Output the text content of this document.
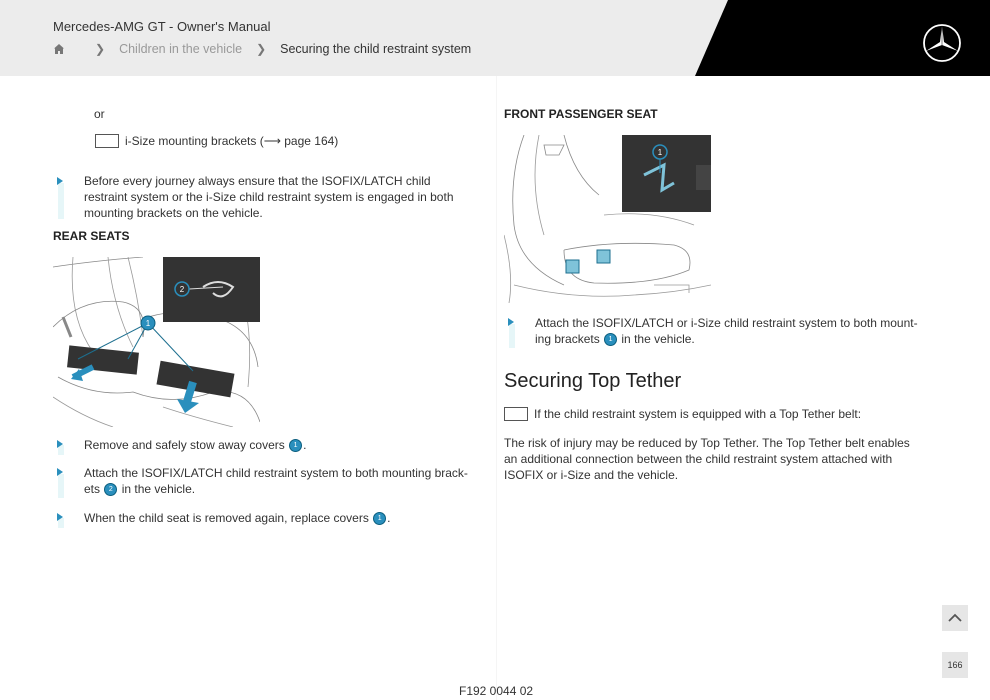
Mercedes-AMG GT - Owner's Manual
❯ Children in the vehicle ❯ Securing the child restraint system
or
i-Size mounting brackets (⟶ page 164)
Before every journey always ensure that the ISOFIX/LATCH child restraint system or the i-Size child restraint system is engaged in both mounting brackets on the vehicle.
REAR SEATS
1
2
Remove and safely stow away covers 1 .
Attach the ISOFIX/LATCH child restraint system to both mounting brack-
ets 2 in the vehicle.
When the child seat is removed again, replace covers 1 .
FRONT PASSENGER SEAT
1
Attach the ISOFIX/LATCH or i-Size child restraint system to both mount-
ing brackets 1 in the vehicle.
Securing Top Tether
If the child restraint system is equipped with a Top Tether belt:
The risk of injury may be reduced by Top Tether. The Top Tether belt enables an additional connection between the child restraint system attached with ISOFIX or i-Size and the vehicle.
F192 0044 02
166
